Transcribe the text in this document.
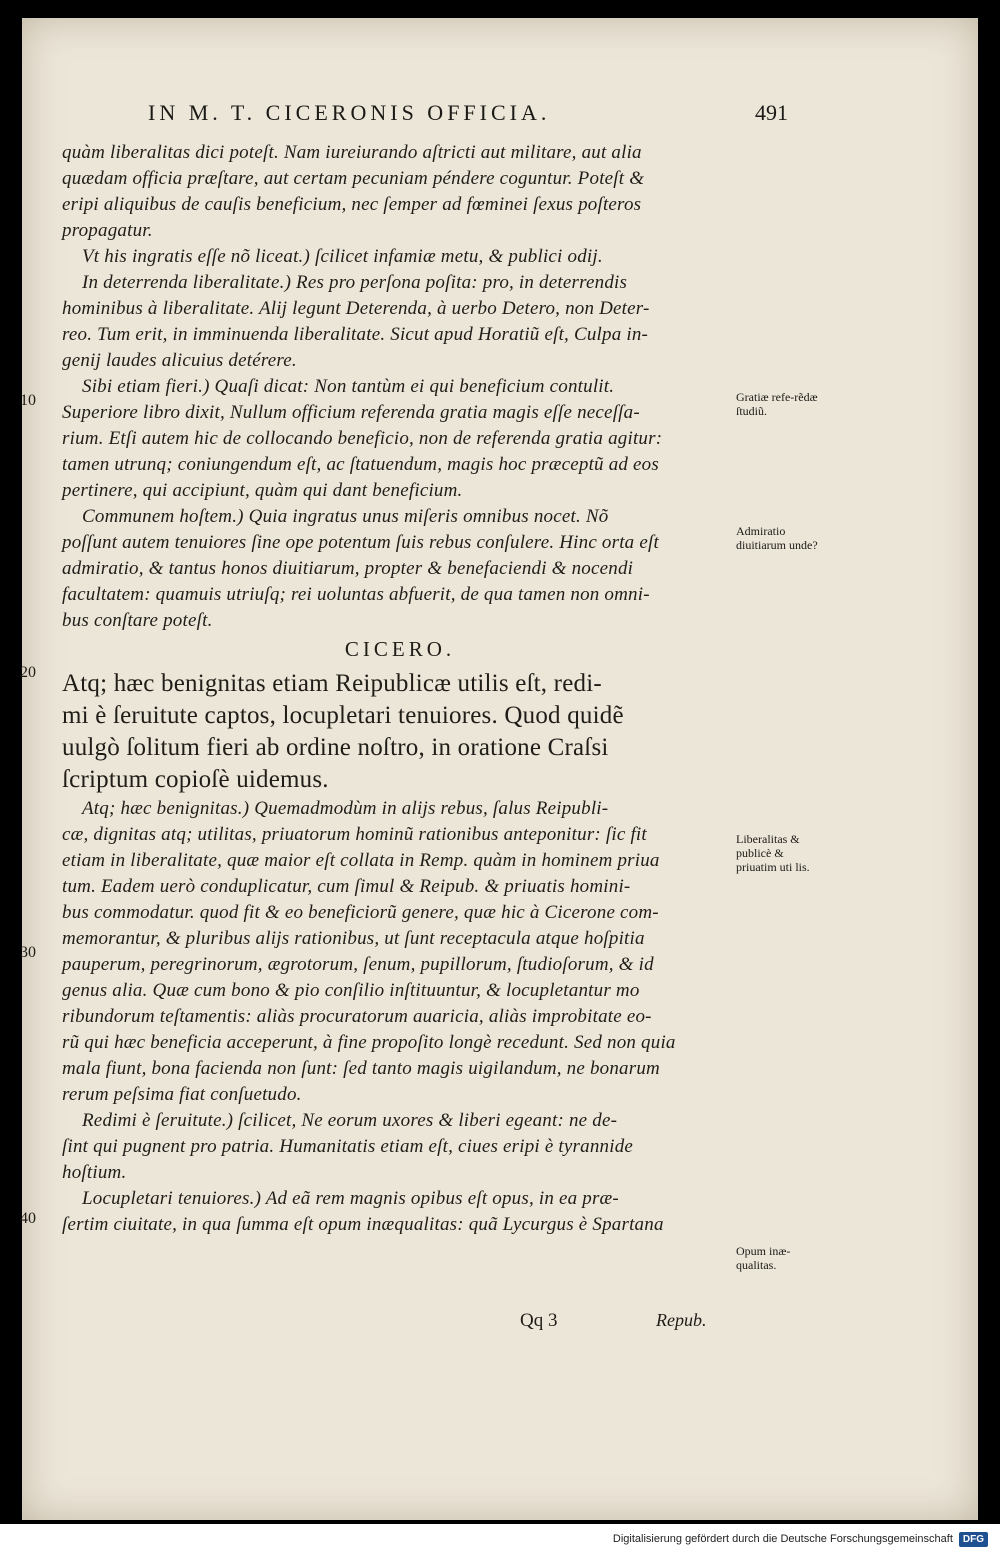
IN M. T. CICERONIS OFFICIA.	491
10
20
30
40
quàm liberalitas dici poteſt. Nam iureiurando aſtricti aut militare, aut alia
quædam officia præſtare, aut certam pecuniam péndere coguntur. Poteſt &
eripi aliquibus de cauſis beneficium, nec ſemper ad fœminei ſexus poſteros
propagatur.
Vt his ingratis eſſe nõ liceat.) ſcilicet infamiæ metu, & publici odij.
In deterrenda liberalitate.) Res pro perſona poſita: pro, in deterrendis
hominibus à liberalitate. Alij legunt Deterenda, à uerbo Detero, non Deter-
reo. Tum erit, in imminuenda liberalitate. Sicut apud Horatiũ eſt, Culpa in-
genij laudes alicuius detérere.
Sibi etiam fieri.) Quaſi dicat: Non tantùm ei qui beneficium contulit.
Superiore libro dixit, Nullum officium referenda gratia magis eſſe neceſſa-
rium. Etſi autem hic de collocando beneficio, non de referenda gratia agitur:
tamen utrunq; coniungendum eſt, ac ſtatuendum, magis hoc præceptũ ad eos
pertinere, qui accipiunt, quàm qui dant beneficium.
Communem hoſtem.) Quia ingratus unus miſeris omnibus nocet. Nõ
poſſunt autem tenuiores ſine ope potentum ſuis rebus conſulere. Hinc orta eſt
admiratio, & tantus honos diuitiarum, propter & benefaciendi & nocendi
facultatem: quamuis utriuſq; rei uoluntas abfuerit, de qua tamen non omni-
bus conſtare poteſt.
CICERO.
Atq; hæc benignitas etiam Reipublicæ utilis eſt, redi-
mi è ſeruitute captos, locupletari tenuiores. Quod quidẽ
uulgò ſolitum fieri ab ordine noſtro, in oratione Craſsi
ſcriptum copioſè uidemus.
Atq; hæc benignitas.) Quemadmodùm in alijs rebus, ſalus Reipubli-
cæ, dignitas atq; utilitas, priuatorum hominũ rationibus anteponitur: ſic fit
etiam in liberalitate, quæ maior eſt collata in Remp. quàm in hominem priua
tum. Eadem uerò conduplicatur, cum ſimul & Reipub. & priuatis homini-
bus commodatur. quod fit & eo beneficiorũ genere, quæ hic à Cicerone com-
memorantur, & pluribus alijs rationibus, ut ſunt receptacula atque hoſpitia
pauperum, peregrinorum, ægrotorum, ſenum, pupillorum, ſtudioſorum, & id
genus alia. Quæ cum bono & pio conſilio inſtituuntur, & locupletantur mo
ribundorum teſtamentis: aliàs procuratorum auaricia, aliàs improbitate eo-
rũ qui hæc beneficia acceperunt, à fine propoſito longè recedunt. Sed non quia
mala fiunt, bona facienda non ſunt: ſed tanto magis uigilandum, ne bonarum
rerum peſsima fiat conſuetudo.
Redimi è ſeruitute.) ſcilicet, Ne eorum uxores & liberi egeant: ne de-
ſint qui pugnent pro patria. Humanitatis etiam eſt, ciues eripi è tyrannide
hoſtium.
Locupletari tenuiores.) Ad eã rem magnis opibus eſt opus, in ea præ-
ſertim ciuitate, in qua ſumma eſt opum inæqualitas: quã Lycurgus è Spartana
Gratiæ refe-rẽdæ ſtudiũ.
Admiratio diuitiarum unde?
Liberalitas & publicè & priuatim uti lis.
Opum inæ-qualitas.
Qq 3	Repub.
Digitalisierung gefördert durch die Deutsche Forschungsgemeinschaft	DFG
